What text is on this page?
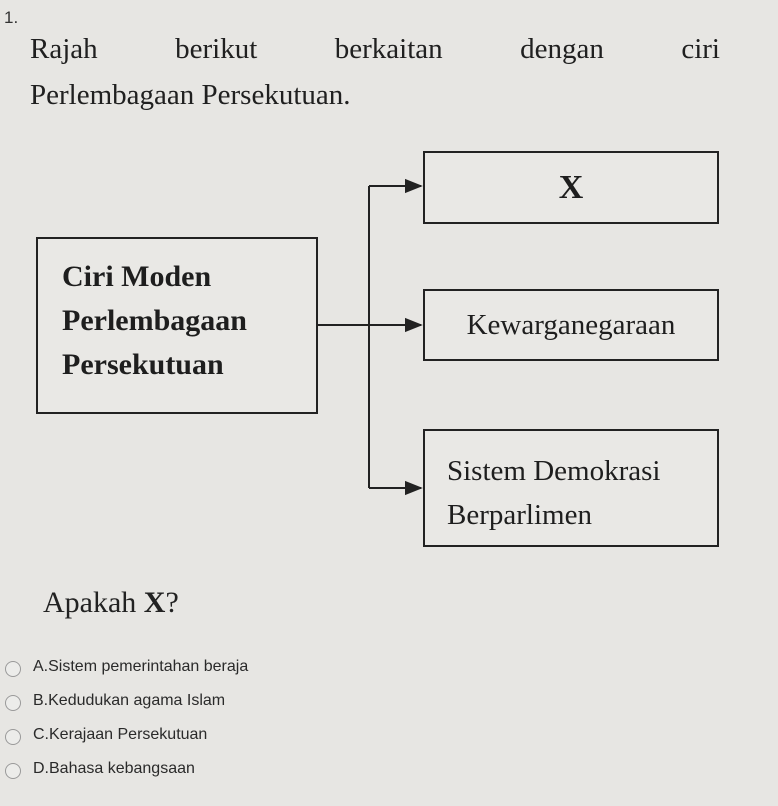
1.
Rajah	berikut	berkaitan	dengan	ciri
Perlembagaan Persekutuan.
Ciri Moden
Perlembagaan
Persekutuan
X
Kewarganegaraan
Sistem Demokrasi
Berparlimen
Apakah X?
A.Sistem pemerintahan beraja
B.Kedudukan agama Islam
C.Kerajaan Persekutuan
D.Bahasa kebangsaan
